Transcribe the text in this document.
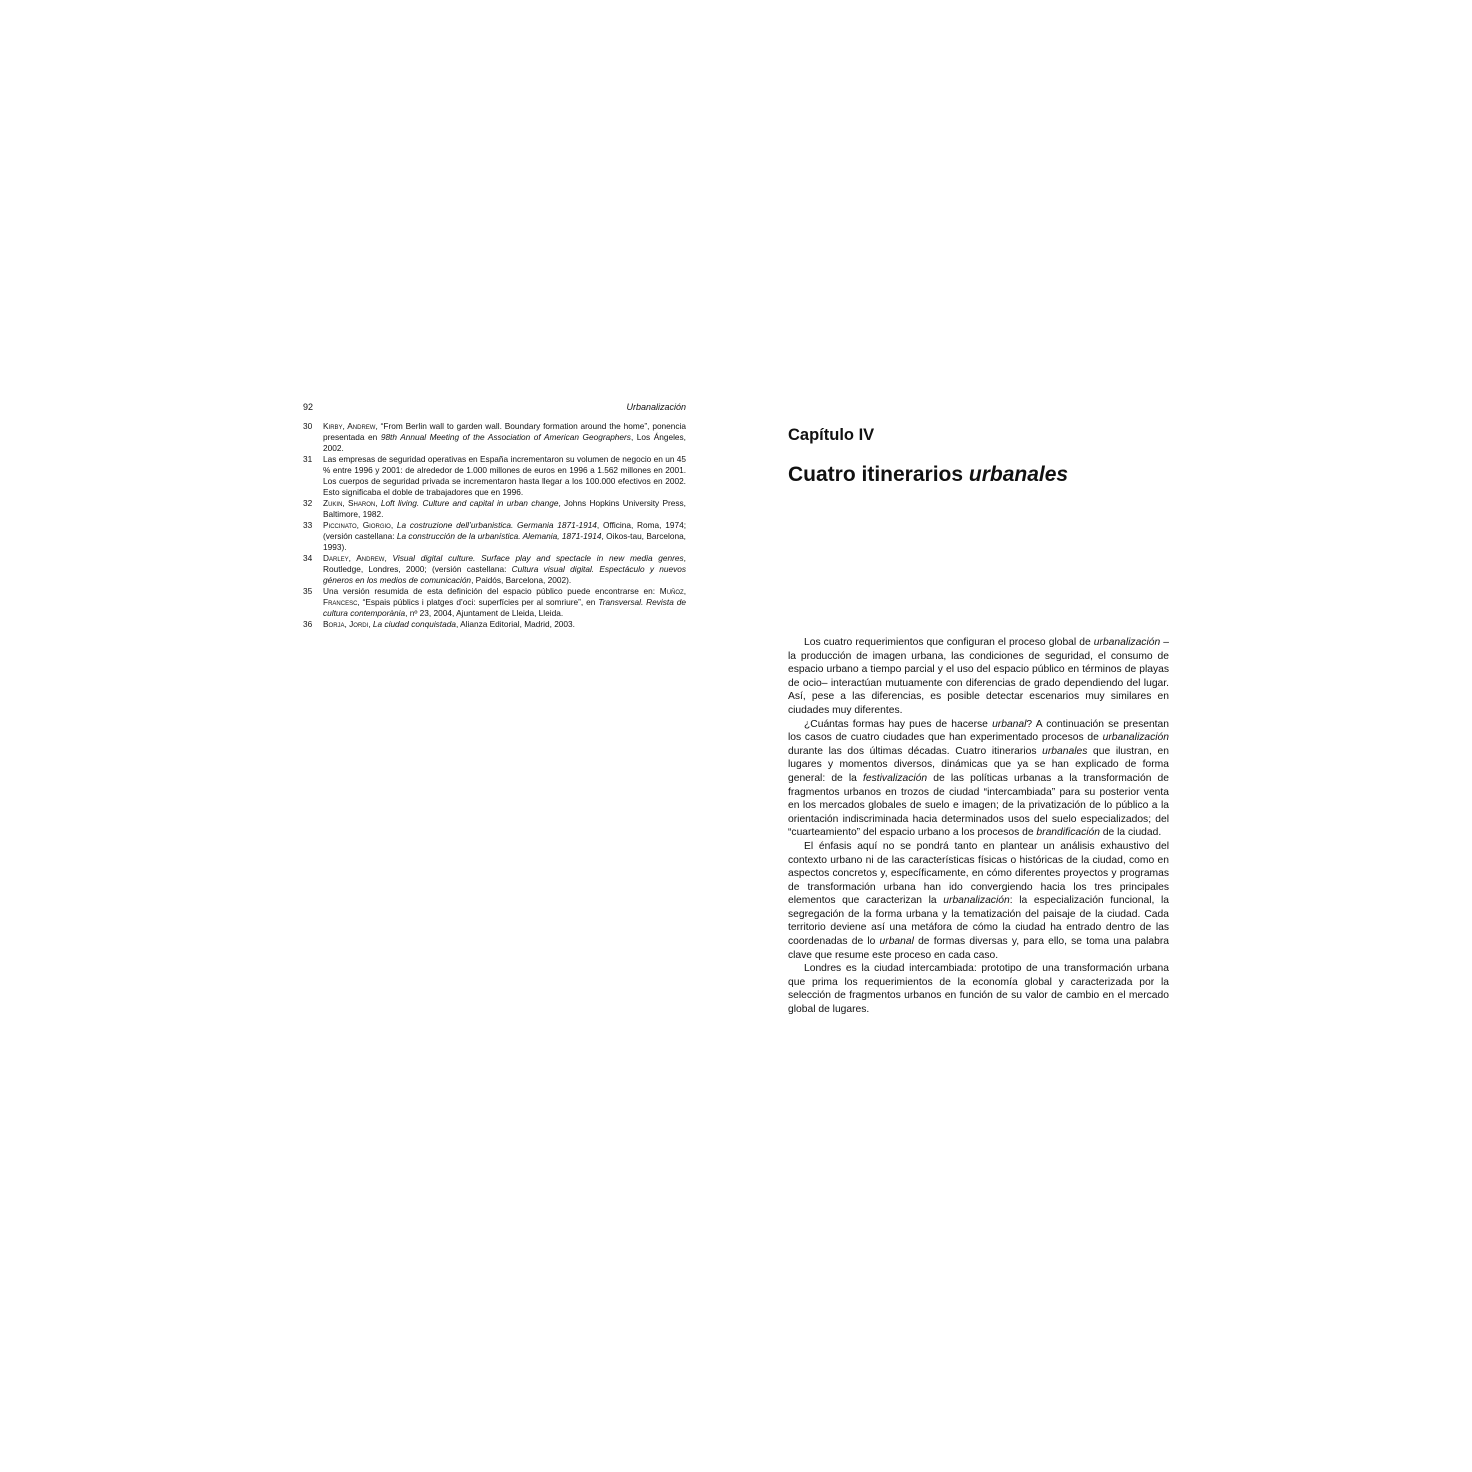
92	Urbanalización
30	Kirby, Andrew, “From Berlin wall to garden wall. Boundary formation around the home”, ponencia presentada en 98th Annual Meeting of the Association of American Geographers, Los Ángeles, 2002.
31	Las empresas de seguridad operativas en España incrementaron su volumen de negocio en un 45 % entre 1996 y 2001: de alrededor de 1.000 millones de euros en 1996 a 1.562 millones en 2001. Los cuerpos de seguridad privada se incrementaron hasta llegar a los 100.000 efectivos en 2002. Esto significaba el doble de trabajadores que en 1996.
32	Zukin, Sharon, Loft living. Culture and capital in urban change, Johns Hopkins University Press, Baltimore, 1982.
33	Piccinato, Giorgio, La costruzione dell’urbanistica. Germania 1871-1914, Officina, Roma, 1974; (versión castellana: La construcción de la urbanística. Alemania, 1871-1914, Oikos-tau, Barcelona, 1993).
34	Darley, Andrew, Visual digital culture. Surface play and spectacle in new media genres, Routledge, Londres, 2000; (versión castellana: Cultura visual digital. Espectáculo y nuevos géneros en los medios de comunicación, Paidós, Barcelona, 2002).
35	Una versión resumida de esta definición del espacio público puede encontrarse en: Muñoz, Francesc, “Espais públics i platges d’oci: superfícies per al somriure”, en Transversal. Revista de cultura contemporània, nº 23, 2004, Ajuntament de Lleida, Lleida.
36	Borja, Jordi, La ciudad conquistada, Alianza Editorial, Madrid, 2003.
Capítulo IV
Cuatro itinerarios urbanales

Los cuatro requerimientos que configuran el proceso global de urbanalización –la producción de imagen urbana, las condiciones de seguridad, el consumo de espacio urbano a tiempo parcial y el uso del espacio público en términos de playas de ocio– interactúan mutuamente con diferencias de grado dependiendo del lugar. Así, pese a las diferencias, es posible detectar escenarios muy similares en ciudades muy diferentes.

¿Cuántas formas hay pues de hacerse urbanal? A continuación se presentan los casos de cuatro ciudades que han experimentado procesos de urbanalización durante las dos últimas décadas. Cuatro itinerarios urbanales que ilustran, en lugares y momentos diversos, dinámicas que ya se han explicado de forma general: de la festivalización de las políticas urbanas a la transformación de fragmentos urbanos en trozos de ciudad “intercambiada” para su posterior venta en los mercados globales de suelo e imagen; de la privatización de lo público a la orientación indiscriminada hacia determinados usos del suelo especializados; del “cuarteamiento” del espacio urbano a los procesos de brandificación de la ciudad.

El énfasis aquí no se pondrá tanto en plantear un análisis exhaustivo del contexto urbano ni de las características físicas o históricas de la ciudad, como en aspectos concretos y, específicamente, en cómo diferentes proyectos y programas de transformación urbana han ido convergiendo hacia los tres principales elementos que caracterizan la urbanalización: la especialización funcional, la segregación de la forma urbana y la tematización del paisaje de la ciudad. Cada territorio deviene así una metáfora de cómo la ciudad ha entrado dentro de las coordenadas de lo urbanal de formas diversas y, para ello, se toma una palabra clave que resume este proceso en cada caso.

Londres es la ciudad intercambiada: prototipo de una transformación urbana que prima los requerimientos de la economía global y caracterizada por la selección de fragmentos urbanos en función de su valor de cambio en el mercado global de lugares.
